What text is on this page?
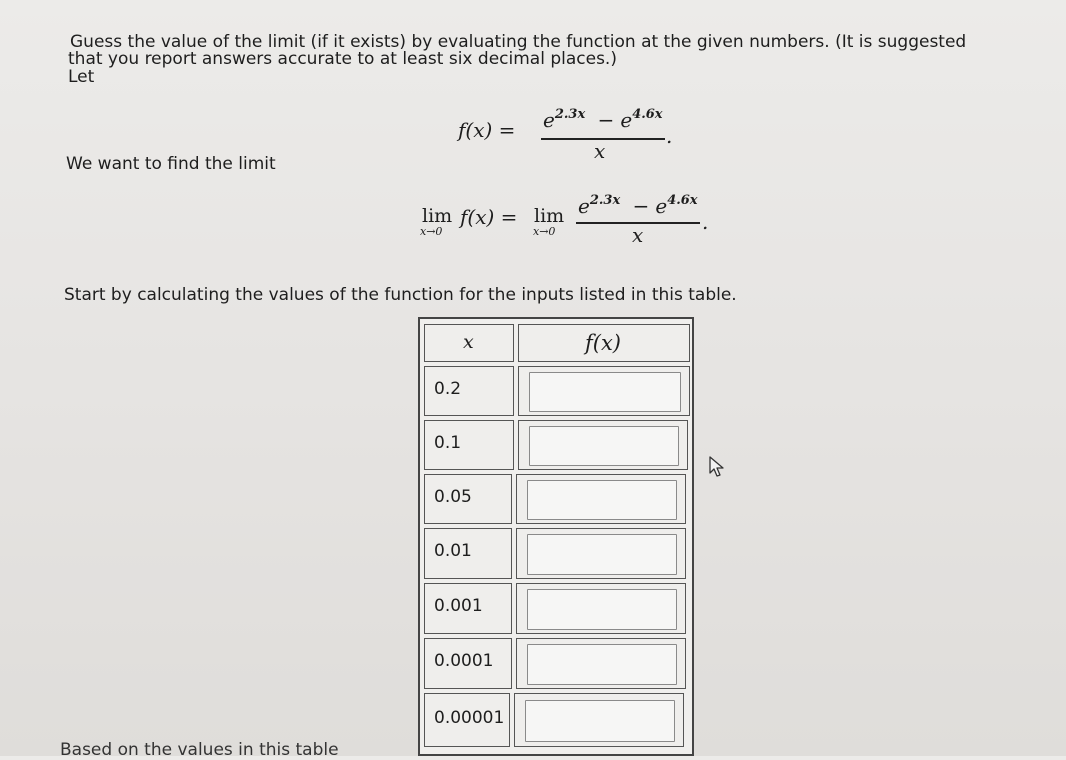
Guess the value of the limit (if it exists) by evaluating the function at the given numbers. (It is suggested
that you report answers accurate to at least six decimal places.)
Let
$f(x) = e^{2.3x} - e^{4.6x}$
x
.
We want to find the limit
lim
x→0
f(x) = lim
x→0
$e^{2.3x} - e^{4.6x}$
x
.
Start by calculating the values of the function for the inputs listed in this table.
x	f(x)
0.2
0.1
0.05
0.01
0.001
0.0001
0.00001
Based on the values in this table
